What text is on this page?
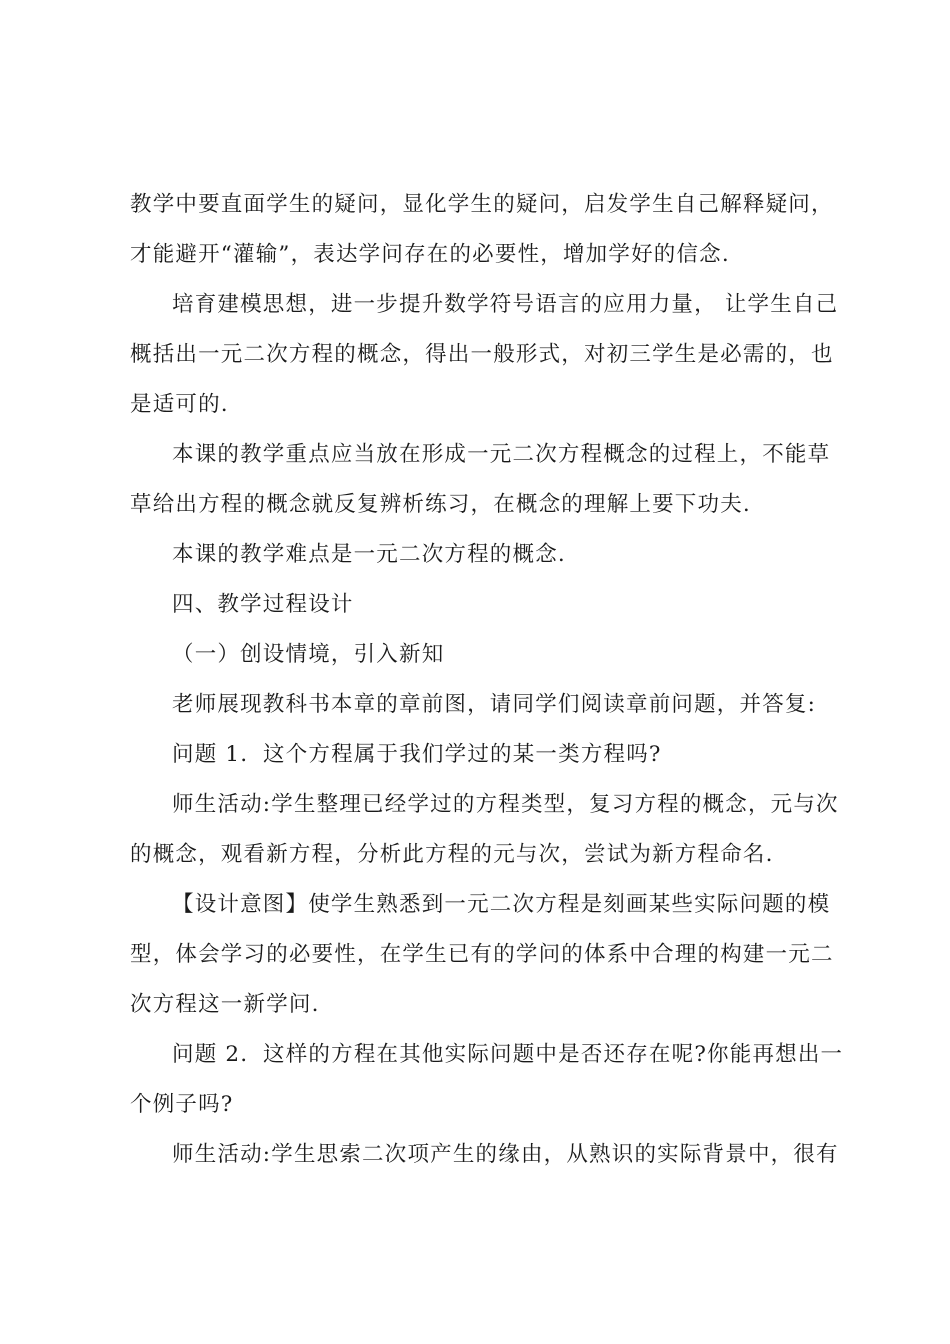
教学中要直面学生的疑问，显化学生的疑问，启发学生自己解释疑问，
才能避开“灌输”，表达学问存在的必要性，增加学好的信念.
培育建模思想，进一步提升数学符号语言的应用力量， 让学生自己
概括出一元二次方程的概念，得出一般形式，对初三学生是必需的，也
是适可的.
本课的教学重点应当放在形成一元二次方程概念的过程上，不能草
草给出方程的概念就反复辨析练习，在概念的理解上要下功夫.
本课的教学难点是一元二次方程的概念.
四、教学过程设计
（一）创设情境，引入新知
老师展现教科书本章的章前图，请同学们阅读章前问题，并答复:
问题 1．这个方程属于我们学过的某一类方程吗?
师生活动:学生整理已经学过的方程类型，复习方程的概念，元与次
的概念，观看新方程，分析此方程的元与次，尝试为新方程命名.
【设计意图】使学生熟悉到一元二次方程是刻画某些实际问题的模
型，体会学习的必要性，在学生已有的学问的体系中合理的构建一元二
次方程这一新学问.
问题 2．这样的方程在其他实际问题中是否还存在呢?你能再想出一
个例子吗?
师生活动:学生思索二次项产生的缘由，从熟识的实际背景中，很有
